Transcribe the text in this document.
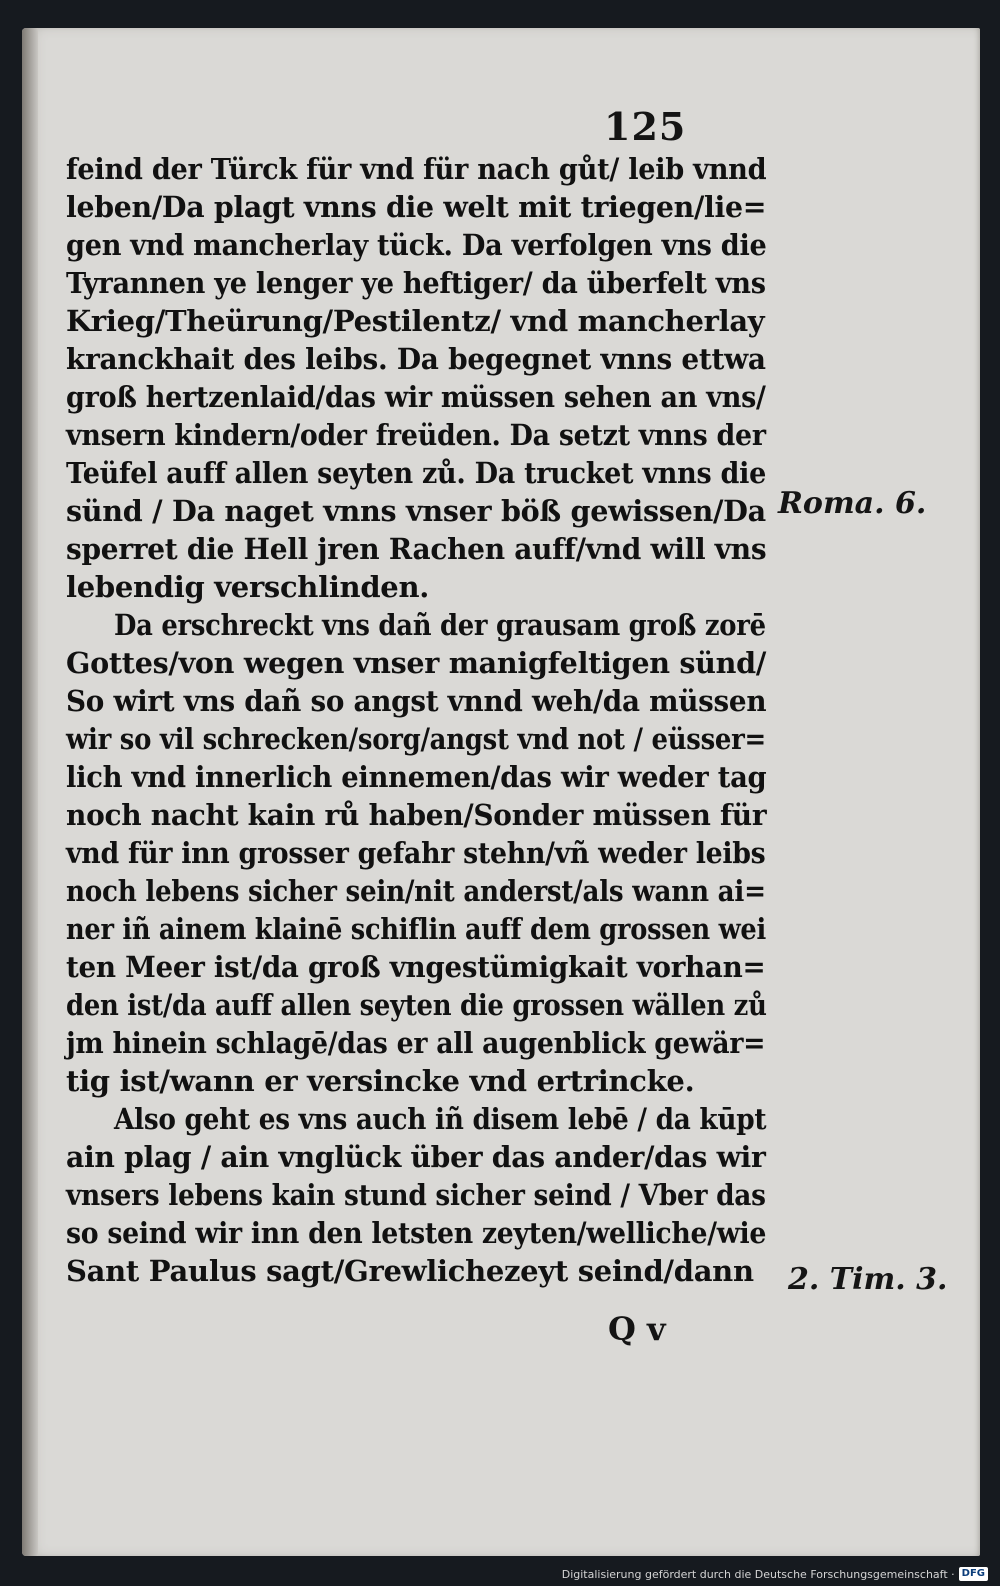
125
feind der Türck für vnd für nach gůt/ leib vnnd
leben/Da plagt vnns die welt mit triegen/lie=
gen vnd mancherlay tück. Da verfolgen vns die
Tyrannen ye lenger ye heftiger/ da überfelt vns
Krieg/Theürung/Pestilentz/ vnd mancherlay
kranckhait des leibs. Da begegnet vnns ettwa
groß hertzenlaid/das wir müssen sehen an vns/
vnsern kindern/oder freüden. Da setzt vnns der
Teüfel auff allen seyten zů. Da trucket vnns die
sünd / Da naget vnns vnser böß gewissen/Da
sperret die Hell jren Rachen auff/vnd will vns
lebendig verschlinden.
Da erschreckt vns dañ der grausam groß zorē
Gottes/von wegen vnser manigfeltigen sünd/
So wirt vns dañ so angst vnnd weh/da müssen
wir so vil schrecken/sorg/angst vnd not / eüsser=
lich vnd innerlich einnemen/das wir weder tag
noch nacht kain rů haben/Sonder müssen für
vnd für inn grosser gefahr stehn/vñ weder leibs
noch lebens sicher sein/nit anderst/als wann ai=
ner iñ ainem klainē schiflin auff dem grossen wei
ten Meer ist/da groß vngestümigkait vorhan=
den ist/da auff allen seyten die grossen wällen zů
jm hinein schlagē/das er all augenblick gewär=
tig ist/wann er versincke vnd ertrincke.
Also geht es vns auch iñ disem lebē / da kūpt
ain plag / ain vnglück über das ander/das wir
vnsers lebens kain stund sicher seind / Vber das
so seind wir inn den letsten zeyten/welliche/wie
Sant Paulus sagt/Grewlichezeyt seind/dann
Roma. 6.
2. Tim. 3.
Q v
Digitalisierung gefördert durch die Deutsche Forschungsgemeinschaft · DFG
